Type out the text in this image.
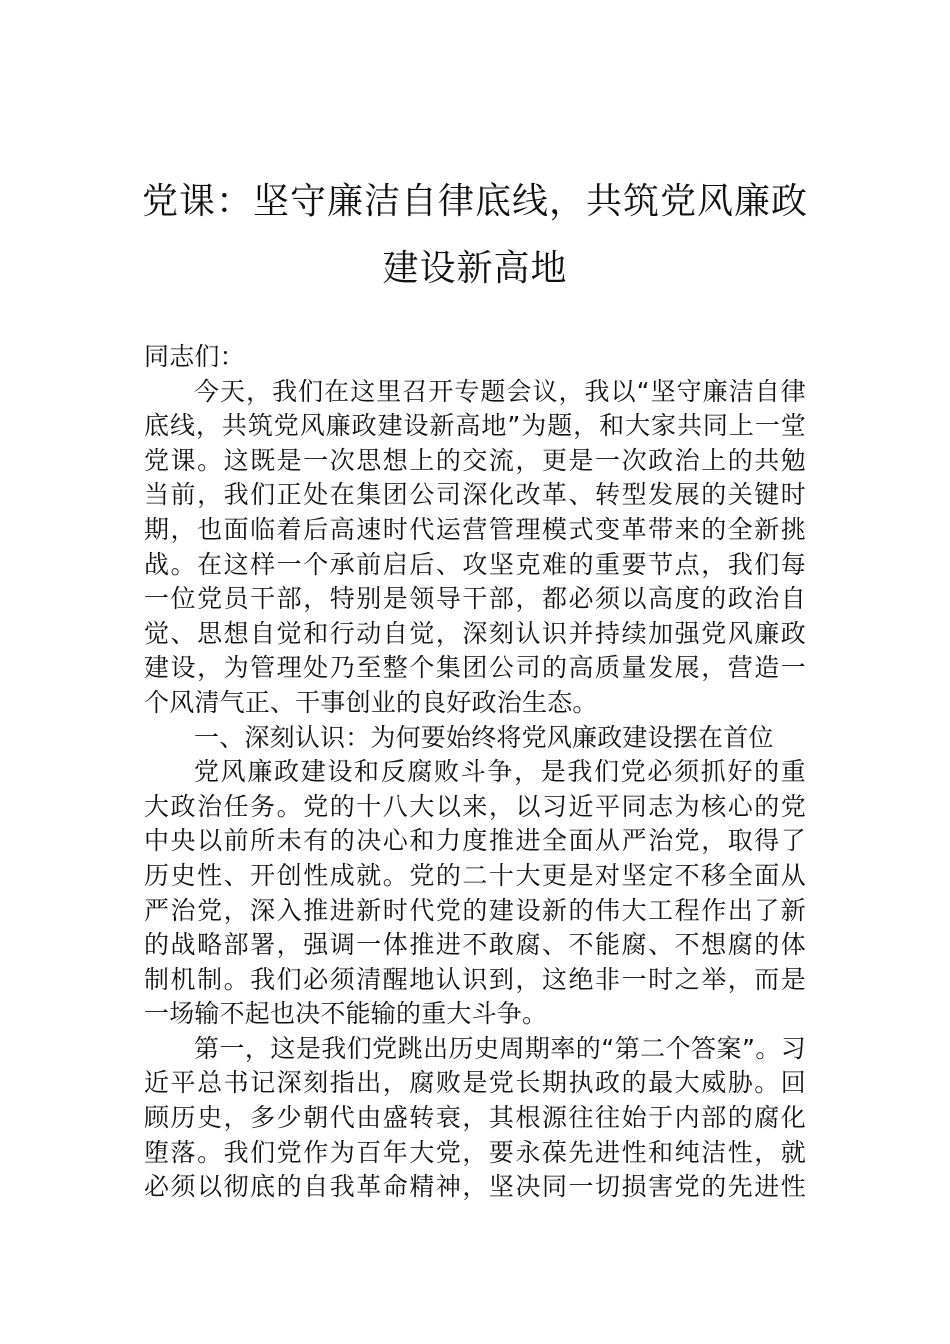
党课：坚守廉洁自律底线，共筑党风廉政
建设新高地
同志们：
今天，我们在这里召开专题会议，我以“坚守廉洁自律
底线，共筑党风廉政建设新高地”为题，和大家共同上一堂
党课。这既是一次思想上的交流，更是一次政治上的共勉
当前，我们正处在集团公司深化改革、转型发展的关键时
期，也面临着后高速时代运营管理模式变革带来的全新挑
战。在这样一个承前启后、攻坚克难的重要节点，我们每
一位党员干部，特别是领导干部，都必须以高度的政治自
觉、思想自觉和行动自觉，深刻认识并持续加强党风廉政
建设，为管理处乃至整个集团公司的高质量发展，营造一
个风清气正、干事创业的良好政治生态。
一、深刻认识：为何要始终将党风廉政建设摆在首位
党风廉政建设和反腐败斗争，是我们党必须抓好的重
大政治任务。党的十八大以来，以习近平同志为核心的党
中央以前所未有的决心和力度推进全面从严治党，取得了
历史性、开创性成就。党的二十大更是对坚定不移全面从
严治党，深入推进新时代党的建设新的伟大工程作出了新
的战略部署，强调一体推进不敢腐、不能腐、不想腐的体
制机制。我们必须清醒地认识到，这绝非一时之举，而是
一场输不起也决不能输的重大斗争。
第一，这是我们党跳出历史周期率的“第二个答案”。习
近平总书记深刻指出，腐败是党长期执政的最大威胁。回
顾历史，多少朝代由盛转衰，其根源往往始于内部的腐化
堕落。我们党作为百年大党，要永葆先进性和纯洁性，就
必须以彻底的自我革命精神，坚决同一切损害党的先进性
